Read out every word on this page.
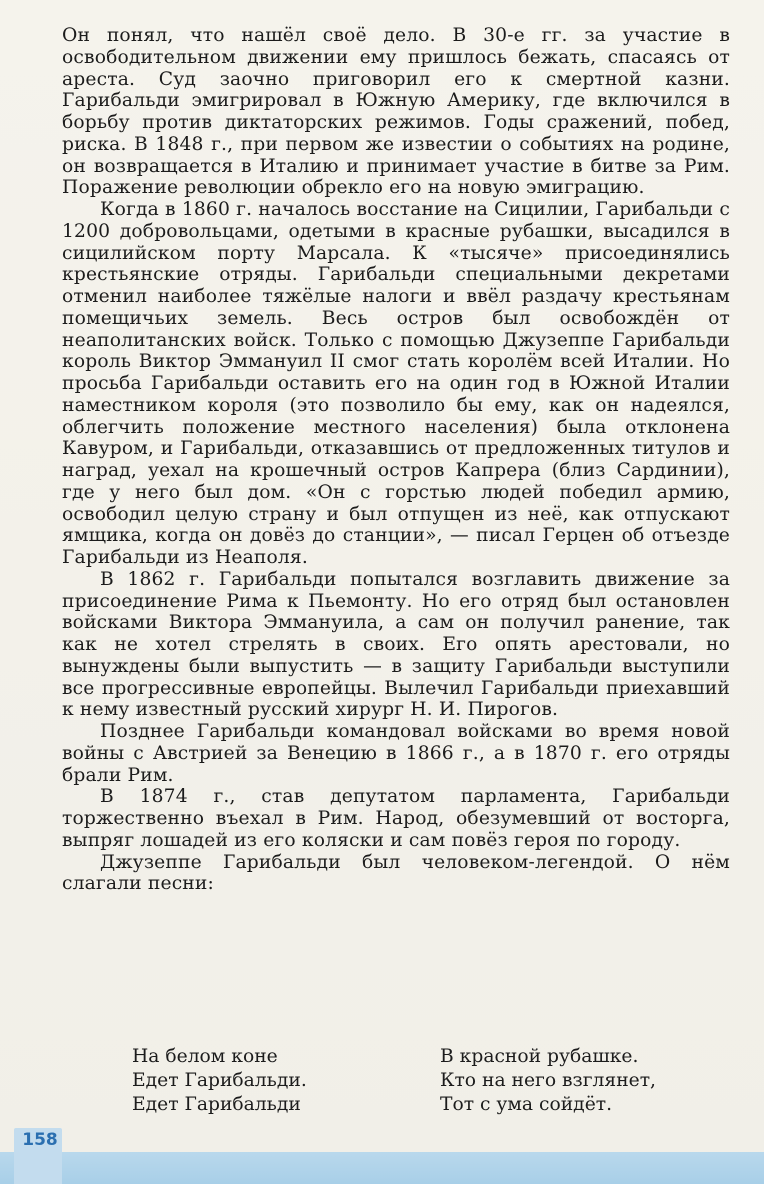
Он понял, что нашёл своё дело. В 30-е гг. за участие в освободительном движении ему пришлось бежать, спасаясь от ареста. Суд заочно приговорил его к смертной казни. Гарибальди эмигрировал в Южную Америку, где включился в борьбу против диктаторских режимов. Годы сражений, побед, риска. В 1848 г., при первом же известии о событиях на родине, он возвращается в Италию и принимает участие в битве за Рим. Поражение революции обрекло его на новую эмиграцию.

Когда в 1860 г. началось восстание на Сицилии, Гарибальди с 1200 добровольцами, одетыми в красные рубашки, высадился в сицилийском порту Марсала. К «тысяче» присоединялись крестьянские отряды. Гарибальди специальными декретами отменил наиболее тяжёлые налоги и ввёл раздачу крестьянам помещичьих земель. Весь остров был освобождён от неаполитанских войск. Только с помощью Джузеппе Гарибальди король Виктор Эммануил II смог стать королём всей Италии. Но просьба Гарибальди оставить его на один год в Южной Италии наместником короля (это позволило бы ему, как он надеялся, облегчить положение местного населения) была отклонена Кавуром, и Гарибальди, отказавшись от предложенных титулов и наград, уехал на крошечный остров Капрера (близ Сардинии), где у него был дом. «Он с горстью людей победил армию, освободил целую страну и был отпущен из неё, как отпускают ямщика, когда он довёз до станции», — писал Герцен об отъезде Гарибальди из Неаполя.

В 1862 г. Гарибальди попытался возглавить движение за присоединение Рима к Пьемонту. Но его отряд был остановлен войсками Виктора Эммануила, а сам он получил ранение, так как не хотел стрелять в своих. Его опять арестовали, но вынуждены были выпустить — в защиту Гарибальди выступили все прогрессивные европейцы. Вылечил Гарибальди приехавший к нему известный русский хирург Н. И. Пирогов.

Позднее Гарибальди командовал войсками во время новой войны с Австрией за Венецию в 1866 г., а в 1870 г. его отряды брали Рим.

В 1874 г., став депутатом парламента, Гарибальди торжественно въехал в Рим. Народ, обезумевший от восторга, выпряг лошадей из его коляски и сам повёз героя по городу.

Джузеппе Гарибальди был человеком-легендой. О нём слагали песни:

На белом коне
Едет Гарибальди.
Едет Гарибальди
В красной рубашке.
Кто на него взглянет,
Тот с ума сойдёт.
158
